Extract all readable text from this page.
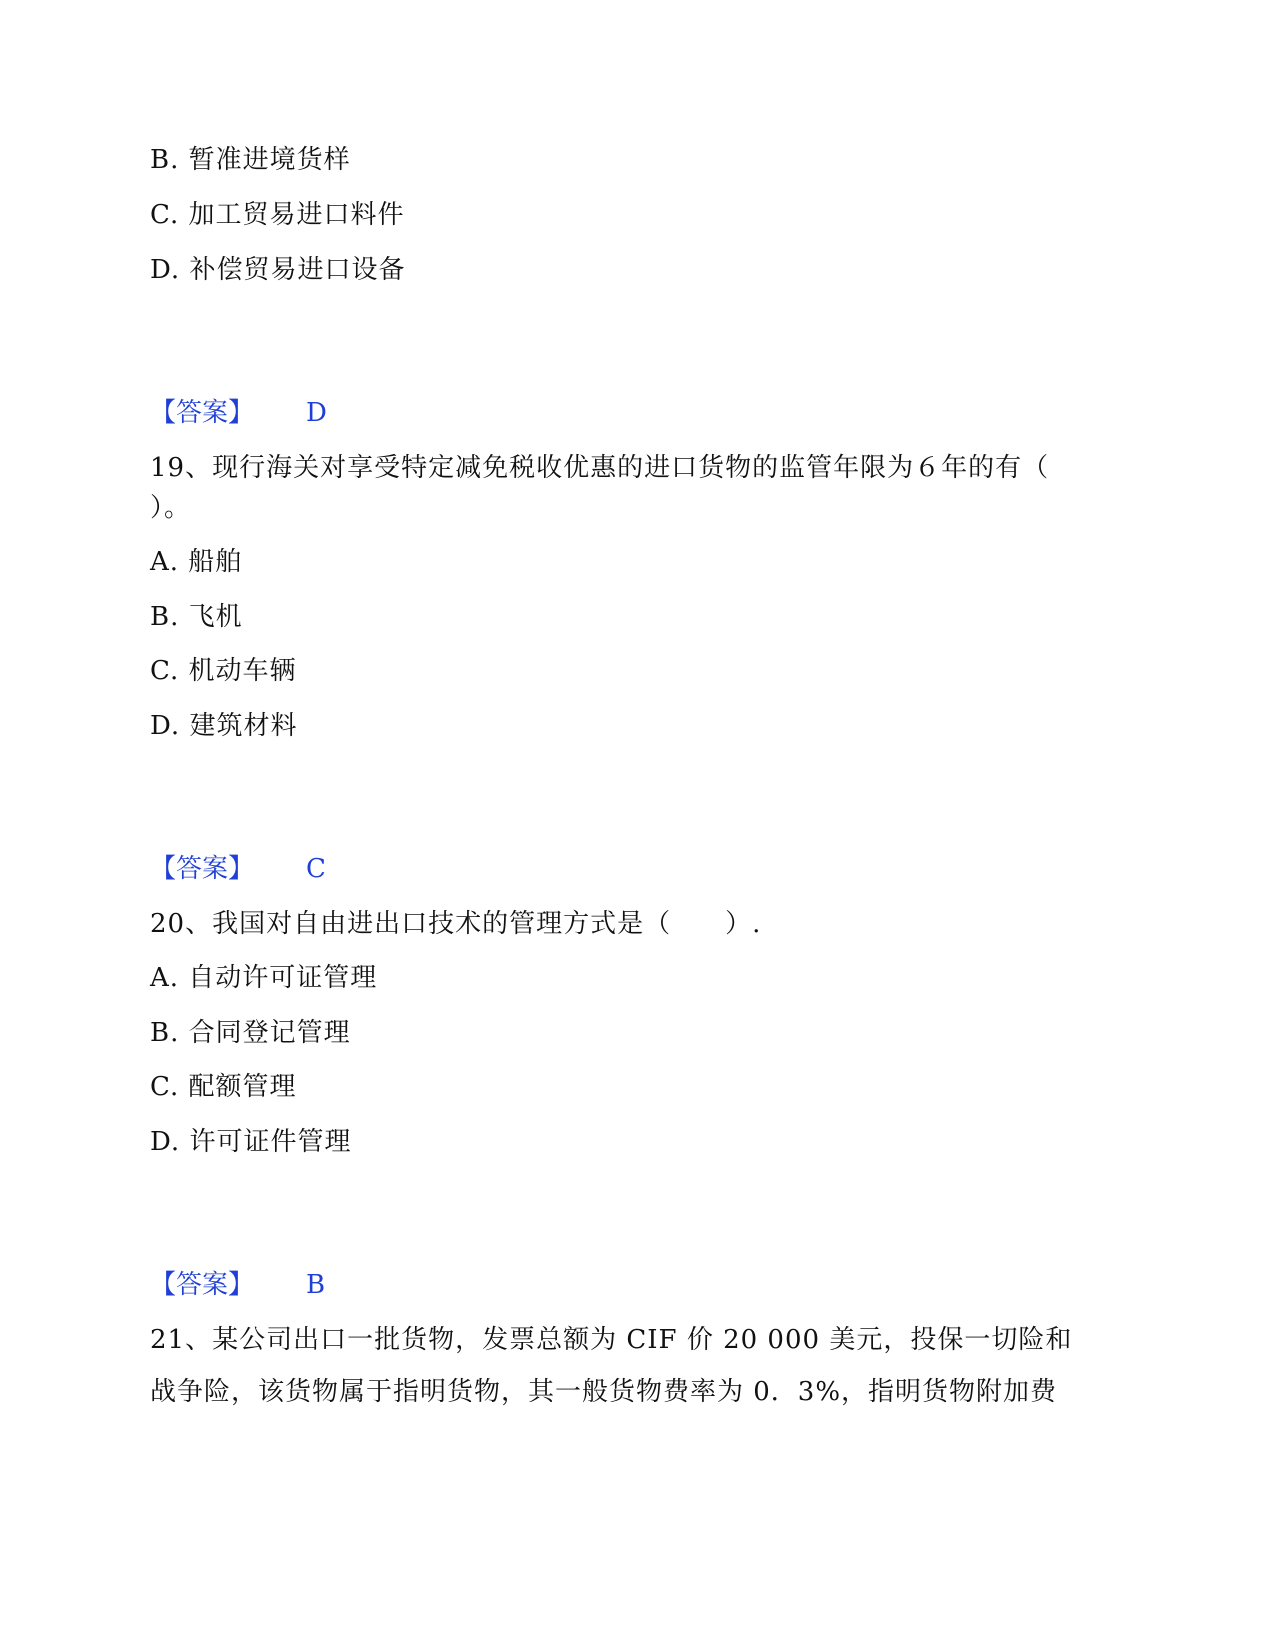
B. 暂准进境货样
C. 加工贸易进口料件
D. 补偿贸易进口设备
【答案】 D
19、现行海关对享受特定减免税收优惠的进口货物的监管年限为６年的有（
）。
A. 船舶
B. 飞机
C. 机动车辆
D. 建筑材料
【答案】 C
20、我国对自由进出口技术的管理方式是（　　）.
A. 自动许可证管理
B. 合同登记管理
C. 配额管理
D. 许可证件管理
【答案】 B
21、某公司出口一批货物，发票总额为 CIF 价 20 000 美元，投保一切险和
战争险，该货物属于指明货物，其一般货物费率为 0．3%，指明货物附加费
